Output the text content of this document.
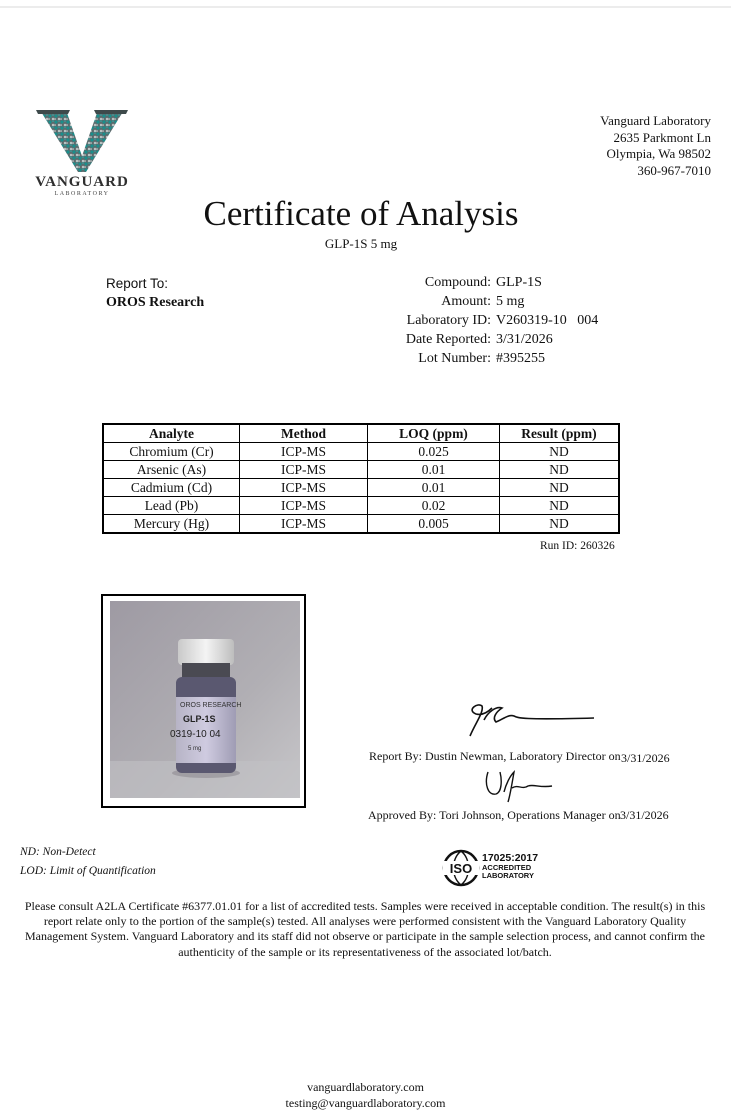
VANGUARD
LABORATORY
Vanguard Laboratory
2635 Parkmont Ln
Olympia, Wa 98502
360-967-7010
Certificate of Analysis
GLP-1S 5 mg
Report To:
OROS Research
Compound: GLP-1S
Amount: 5 mg
Laboratory ID: V260319-10   004
Date Reported: 3/31/2026
Lot Number: #395255
Analyte	Method	LOQ (ppm)	Result (ppm)
Chromium (Cr)	ICP-MS	0.025	ND
Arsenic (As)	ICP-MS	0.01	ND
Cadmium (Cd)	ICP-MS	0.01	ND
Lead (Pb)	ICP-MS	0.02	ND
Mercury (Hg)	ICP-MS	0.005	ND
Run ID: 260326
OROS RESEARCH
GLP-1S
0319-10 04
5 mg	Report By: Dustin Newman, Laboratory Director on 3/31/2026
Approved By: Tori Johnson, Operations Manager on 3/31/2026
ND: Non-Detect
LOD: Limit of Quantification	ISO
17025:2017
ACCREDITED
LABORATORY
Please consult A2LA Certificate #6377.01.01 for a list of accredited tests. Samples were received in acceptable condition. The result(s) in this report relate only to the portion of the sample(s) tested. All analyses were performed consistent with the Vanguard Laboratory Quality Management System. Vanguard Laboratory and its staff did not observe or participate in the sample selection process, and cannot confirm the authenticity of the sample or its representativeness of the associated lot/batch.
vanguardlaboratory.com
testing@vanguardlaboratory.com
